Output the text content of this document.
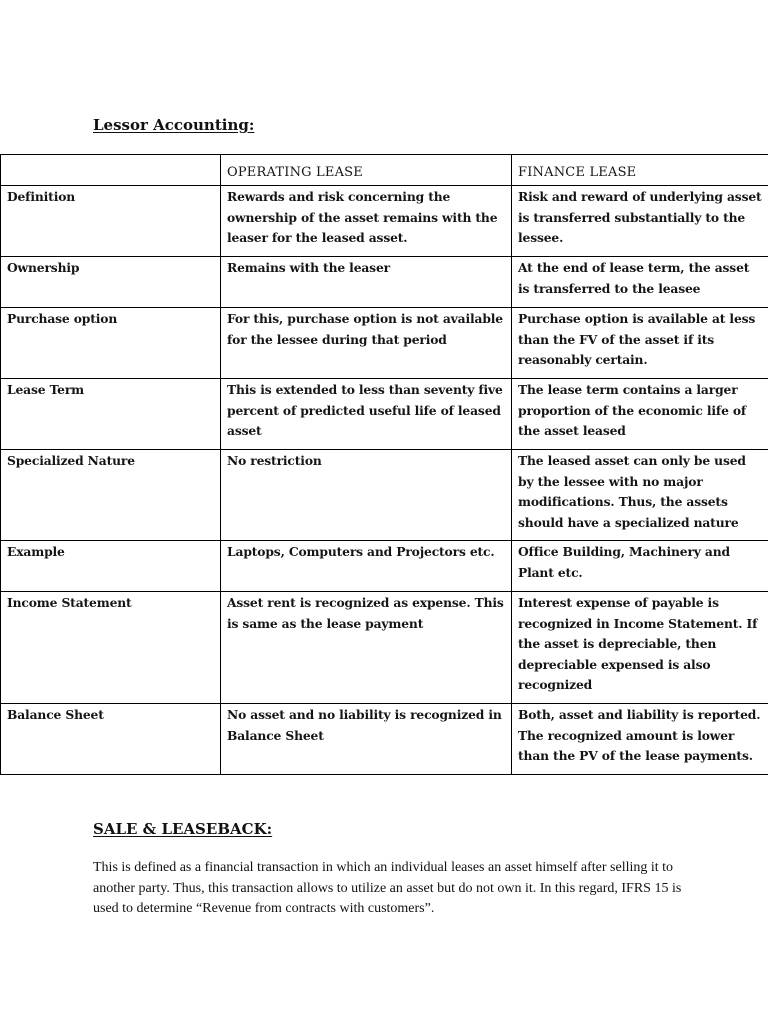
Lessor Accounting:
	OPERATING LEASE	FINANCE LEASE
Definition	Rewards and risk concerning the ownership of the asset remains with the leaser for the leased asset.	Risk and reward of underlying asset is transferred substantially to the lessee.
Ownership	Remains with the leaser	At the end of lease term, the asset is transferred to the leasee
Purchase option	For this, purchase option is not available for the lessee during that period	Purchase option is available at less than the FV of the asset if its reasonably certain.
Lease Term	This is extended to less than seventy five percent of predicted useful life of leased asset	The lease term contains a larger proportion of the economic life of the asset leased
Specialized Nature	No restriction	The leased asset can only be used by the lessee with no major modifications. Thus, the assets should have a specialized nature
Example	Laptops, Computers and Projectors etc.	Office Building, Machinery and Plant etc.
Income Statement	Asset rent is recognized as expense. This is same as the lease payment	Interest expense of payable is recognized in Income Statement. If the asset is depreciable, then depreciable expensed is also recognized
Balance Sheet	No asset and no liability is recognized in Balance Sheet	Both, asset and liability is reported. The recognized amount is lower than the PV of the lease payments.
SALE & LEASEBACK:

This is defined as a financial transaction in which an individual leases an asset himself after selling it to another party. Thus, this transaction allows to utilize an asset but do not own it. In this regard, IFRS 15 is used to determine “Revenue from contracts with customers”.
